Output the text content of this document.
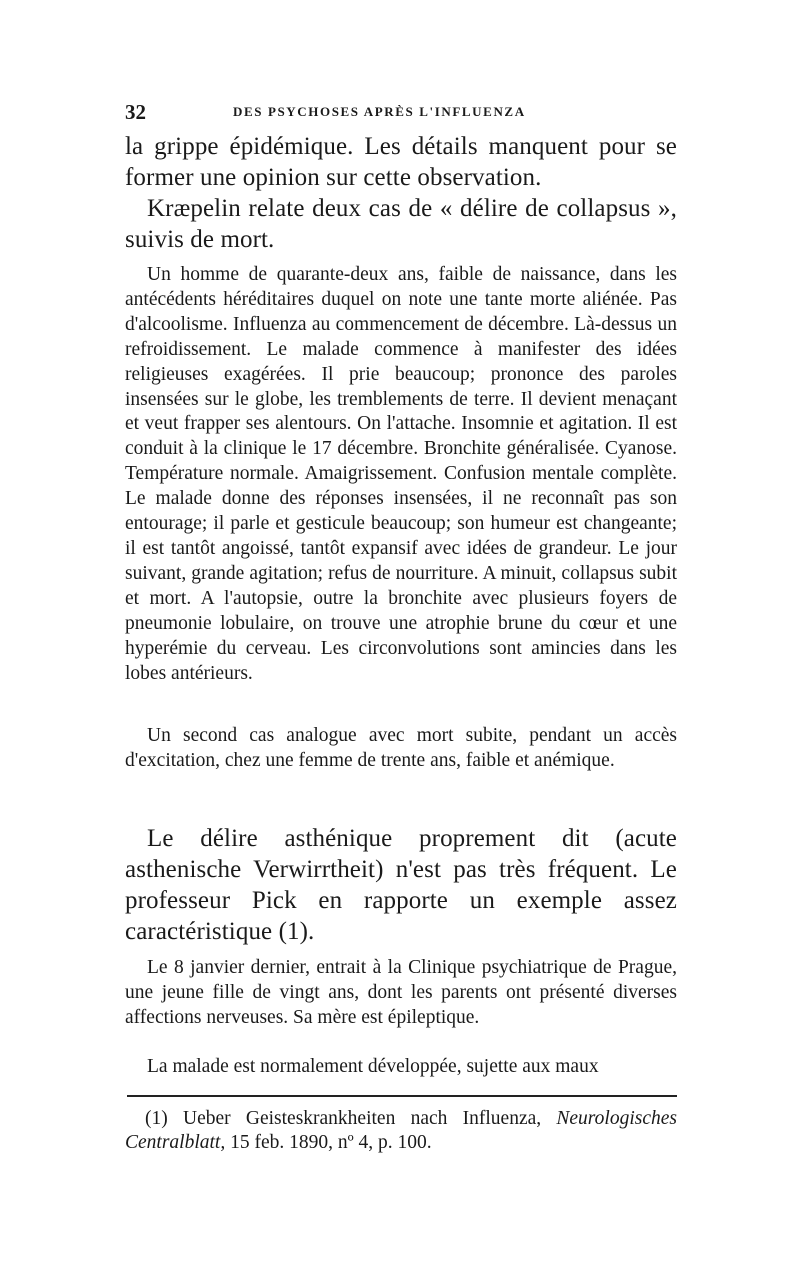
32	DES PSYCHOSES APRÈS L'INFLUENZA

la grippe épidémique. Les détails manquent pour se former une opinion sur cette observation.

Kræpelin relate deux cas de « délire de collapsus », suivis de mort.

Un homme de quarante-deux ans, faible de naissance, dans les antécédents héréditaires duquel on note une tante morte aliénée. Pas d'alcoolisme. Influenza au commencement de décembre. Là-dessus un refroidissement. Le malade commence à manifester des idées religieuses exagérées. Il prie beaucoup; prononce des paroles insensées sur le globe, les tremblements de terre. Il devient menaçant et veut frapper ses alentours. On l'attache. Insomnie et agitation. Il est conduit à la clinique le 17 décembre. Bronchite généralisée. Cyanose. Température normale. Amaigrissement. Confusion mentale complète. Le malade donne des réponses insensées, il ne reconnaît pas son entourage; il parle et gesticule beaucoup; son humeur est changeante; il est tantôt angoissé, tantôt expansif avec idées de grandeur. Le jour suivant, grande agitation; refus de nourriture. A minuit, collapsus subit et mort. A l'autopsie, outre la bronchite avec plusieurs foyers de pneumonie lobulaire, on trouve une atrophie brune du cœur et une hyperémie du cerveau. Les circonvolutions sont amincies dans les lobes antérieurs.

Un second cas analogue avec mort subite, pendant un accès d'excitation, chez une femme de trente ans, faible et anémique.

Le délire asthénique proprement dit (acute asthenische Verwirrtheit) n'est pas très fréquent. Le professeur Pick en rapporte un exemple assez caractéristique (1).

Le 8 janvier dernier, entrait à la Clinique psychiatrique de Prague, une jeune fille de vingt ans, dont les parents ont présenté diverses affections nerveuses. Sa mère est épileptique.

La malade est normalement développée, sujette aux maux

(1) Ueber Geisteskrankheiten nach Influenza, Neurologisches Centralblatt, 15 feb. 1890, nº 4, p. 100.
